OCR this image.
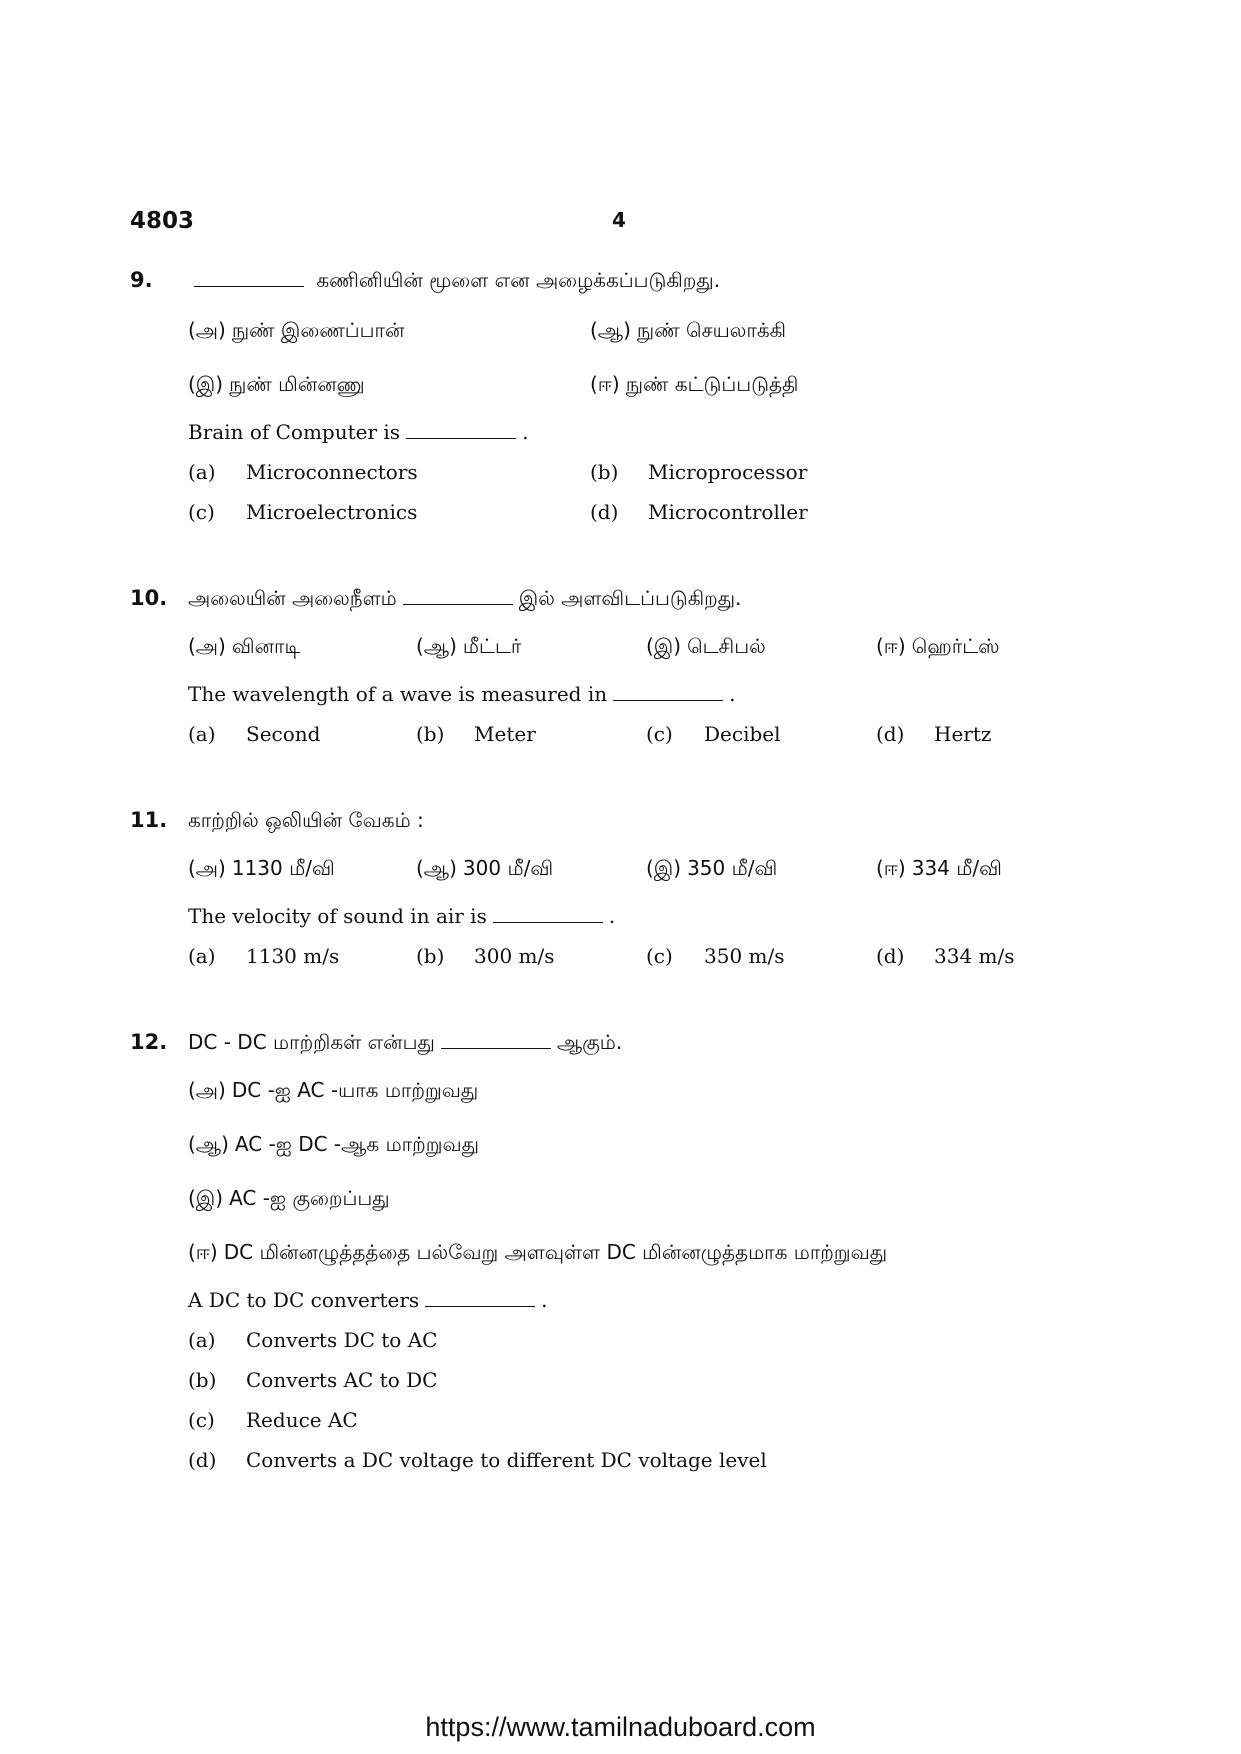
4803	4
9.	கணினியின் மூளை என அழைக்கப்படுகிறது.
(அ) நுண் இணைப்பான்	(ஆ) நுண் செயலாக்கி
(இ) நுண் மின்னணு	(ஈ) நுண் கட்டுப்படுத்தி
Brain of Computer is	.
(a) Microconnectors	(b) Microprocessor
(c) Microelectronics	(d) Microcontroller
10. அலையின் அலைநீளம்	இல் அளவிடப்படுகிறது.
(அ) வினாடி	(ஆ) மீட்டர்	(இ) டெசிபல்	(ஈ) ஹெர்ட்ஸ்
The wavelength of a wave is measured in	.
(a) Second	(b) Meter	(c) Decibel	(d) Hertz
11. காற்றில் ஒலியின் வேகம் :
(அ) 1130 மீ/வி	(ஆ) 300 மீ/வி	(இ) 350 மீ/வி	(ஈ) 334 மீ/வி
The velocity of sound in air is	.
(a) 1130 m/s	(b) 300 m/s	(c) 350 m/s	(d) 334 m/s
12. DC - DC மாற்றிகள் என்பது	ஆகும்.
(அ) DC -ஐ AC -யாக மாற்றுவது
(ஆ) AC -ஐ DC -ஆக மாற்றுவது
(இ) AC -ஐ குறைப்பது
(ஈ) DC மின்னழுத்தத்தை பல்வேறு அளவுள்ள DC மின்னழுத்தமாக மாற்றுவது
A DC to DC converters	.
(a) Converts DC to AC
(b) Converts AC to DC
(c) Reduce AC
(d) Converts a DC voltage to different DC voltage level
https://www.tamilnaduboard.com
